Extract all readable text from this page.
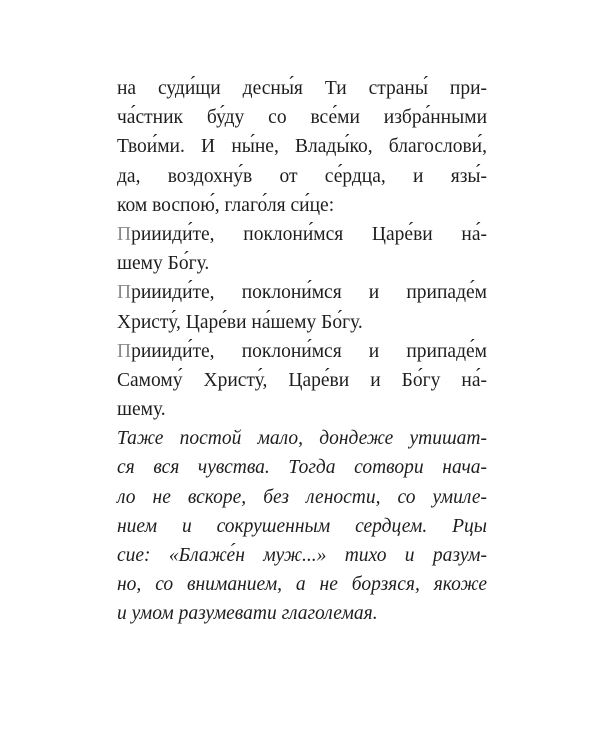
на суди́щи десны́я Ти страны́ при-
ча́стник бу́ду со все́ми избра́нными
Твои́ми. И ны́не, Влады́ко, благослови́,
да, воздохну́в от се́рдца, и язы́-
ком воспою́, глаго́ля си́це:
Приииди́те, поклони́мся Царе́ви на́-
шему Бо́гу.
Приииди́те, поклони́мся и припаде́м
Христу́, Царе́ви на́шему Бо́гу.
Приииди́те, поклони́мся и припаде́м
Самому́ Христу́, Царе́ви и Бо́гу на́-
шему.
Таже постой мало, дондеже утишат-
ся вся чувства. Тогда сотвори нача-
ло не вскоре, без лености, со умиле-
нием и сокрушенным сердцем. Рцы
сие: «Блаже́н муж...» тихо и разум-
но, со вниманием, а не борзяся, якоже
и умом разумевати глаголемая.
